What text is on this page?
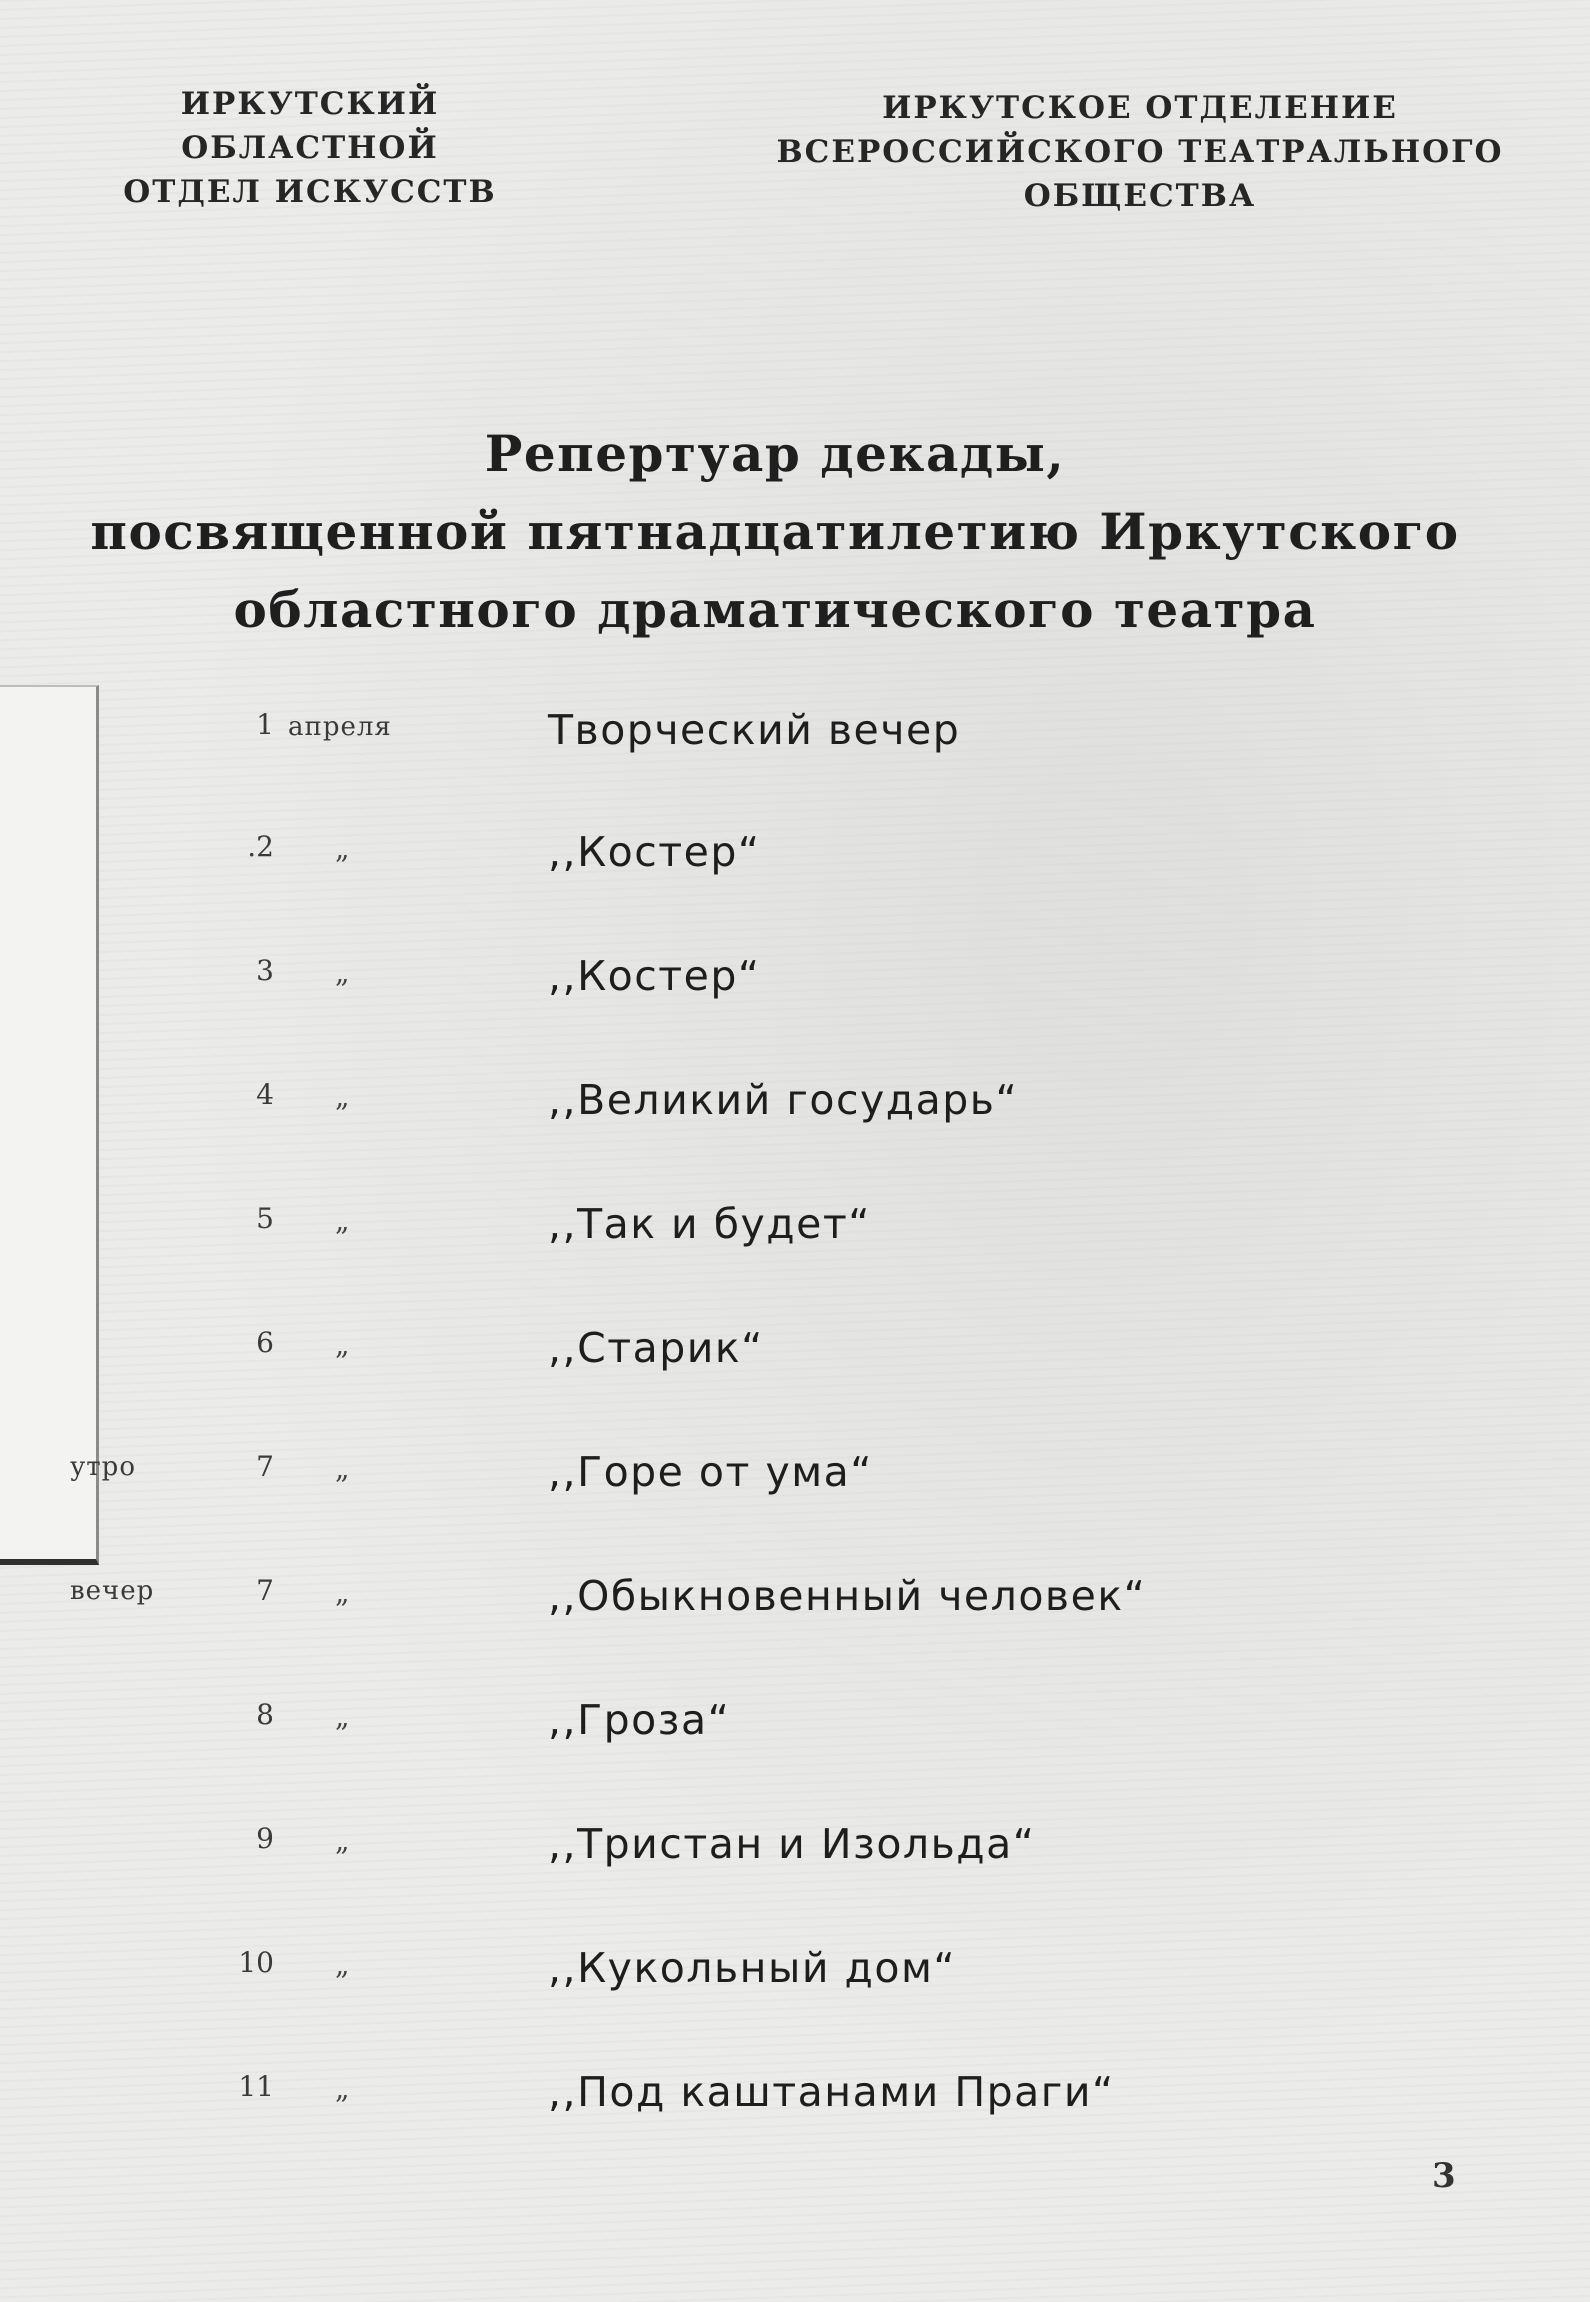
ИРКУТСКИЙ ОБЛАСТНОЙ
ОТДЕЛ ИСКУССТВ
ИРКУТСКОЕ ОТДЕЛЕНИЕ
ВСЕРОССИЙСКОГО ТЕАТРАЛЬНОГО
ОБЩЕСТВА
Репертуар декады,
посвященной пятнадцатилетию Иркутского
областного драматического театра
1 апреля	Творческий вечер
.2 „	,,Костер“
3 „	,,Костер“
4 „	,,Великий государь“
5 „	,,Так и будет“
6 „	,,Старик“
утро	7 „	,,Горе от ума“
вечер	7 „	,,Обыкновенный человек“
8 „	,,Гроза“
9 „	,,Тристан и Изольда“
10 „	,,Кукольный дом“
11 „	,,Под каштанами Праги“
3
